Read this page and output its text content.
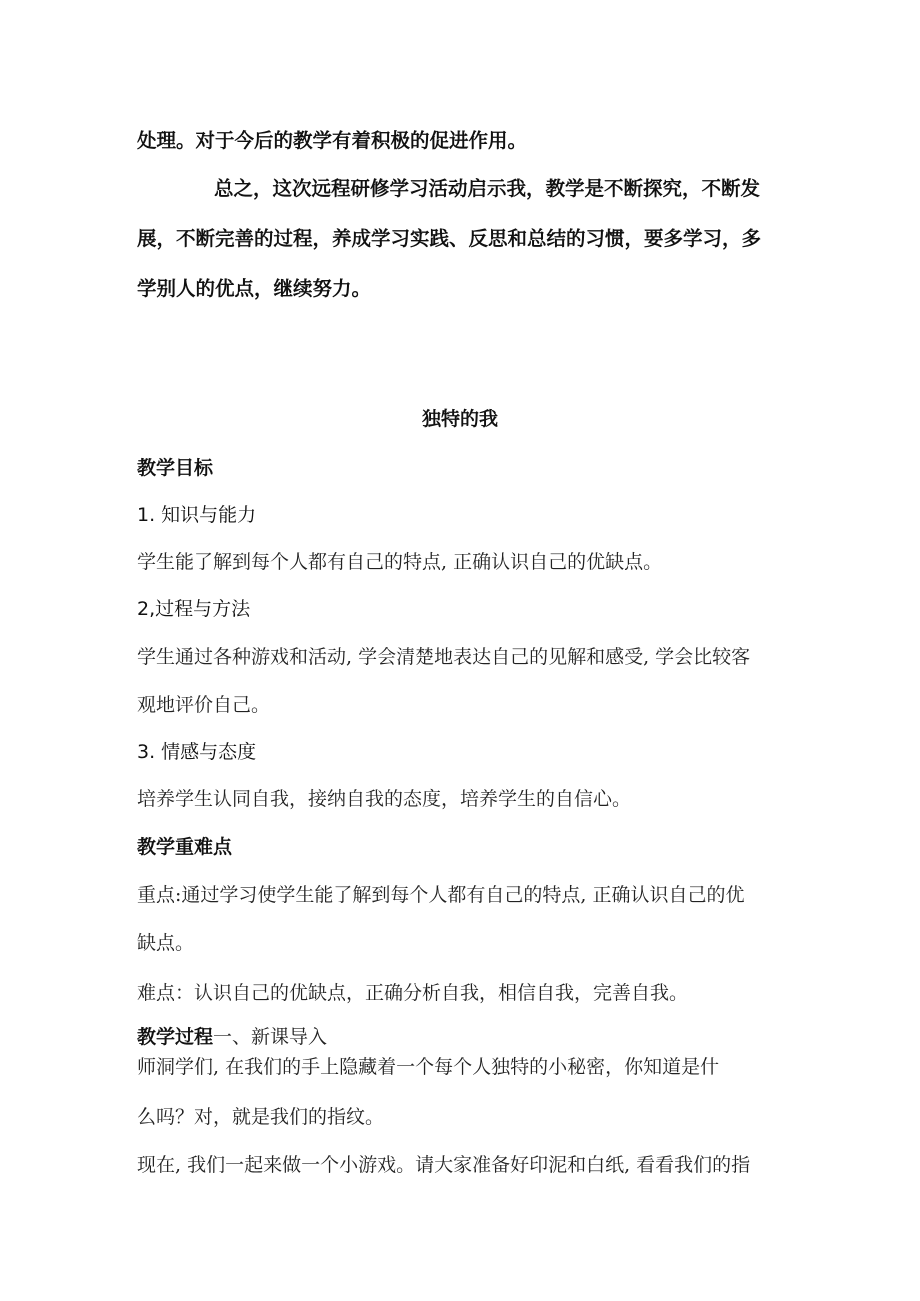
处理。对于今后的教学有着积极的促进作用。
总之，这次远程研修学习活动启示我，教学是不断探究，不断发
展，不断完善的过程，养成学习实践、反思和总结的习惯，要多学习，多
学别人的优点，继续努力。
独特的我
教学目标
1. 知识与能力
学生能了解到每个人都有自己的特点, 正确认识自己的优缺点。
2,过程与方法
学生通过各种游戏和活动, 学会清楚地表达自己的见解和感受, 学会比较客
观地评价自己。
3. 情感与态度
培养学生认同自我，接纳自我的态度，培养学生的自信心。
教学重难点
重点:通过学习使学生能了解到每个人都有自己的特点, 正确认识自己的优
缺点。
难点：认识自己的优缺点，正确分析自我，相信自我，完善自我。
教学过程一、新课导入
师洞学们, 在我们的手上隐藏着一个每个人独特的小秘密，你知道是什
么吗？对，就是我们的指纹。
现在, 我们一起来做一个小游戏。请大家准备好印泥和白纸, 看看我们的指
